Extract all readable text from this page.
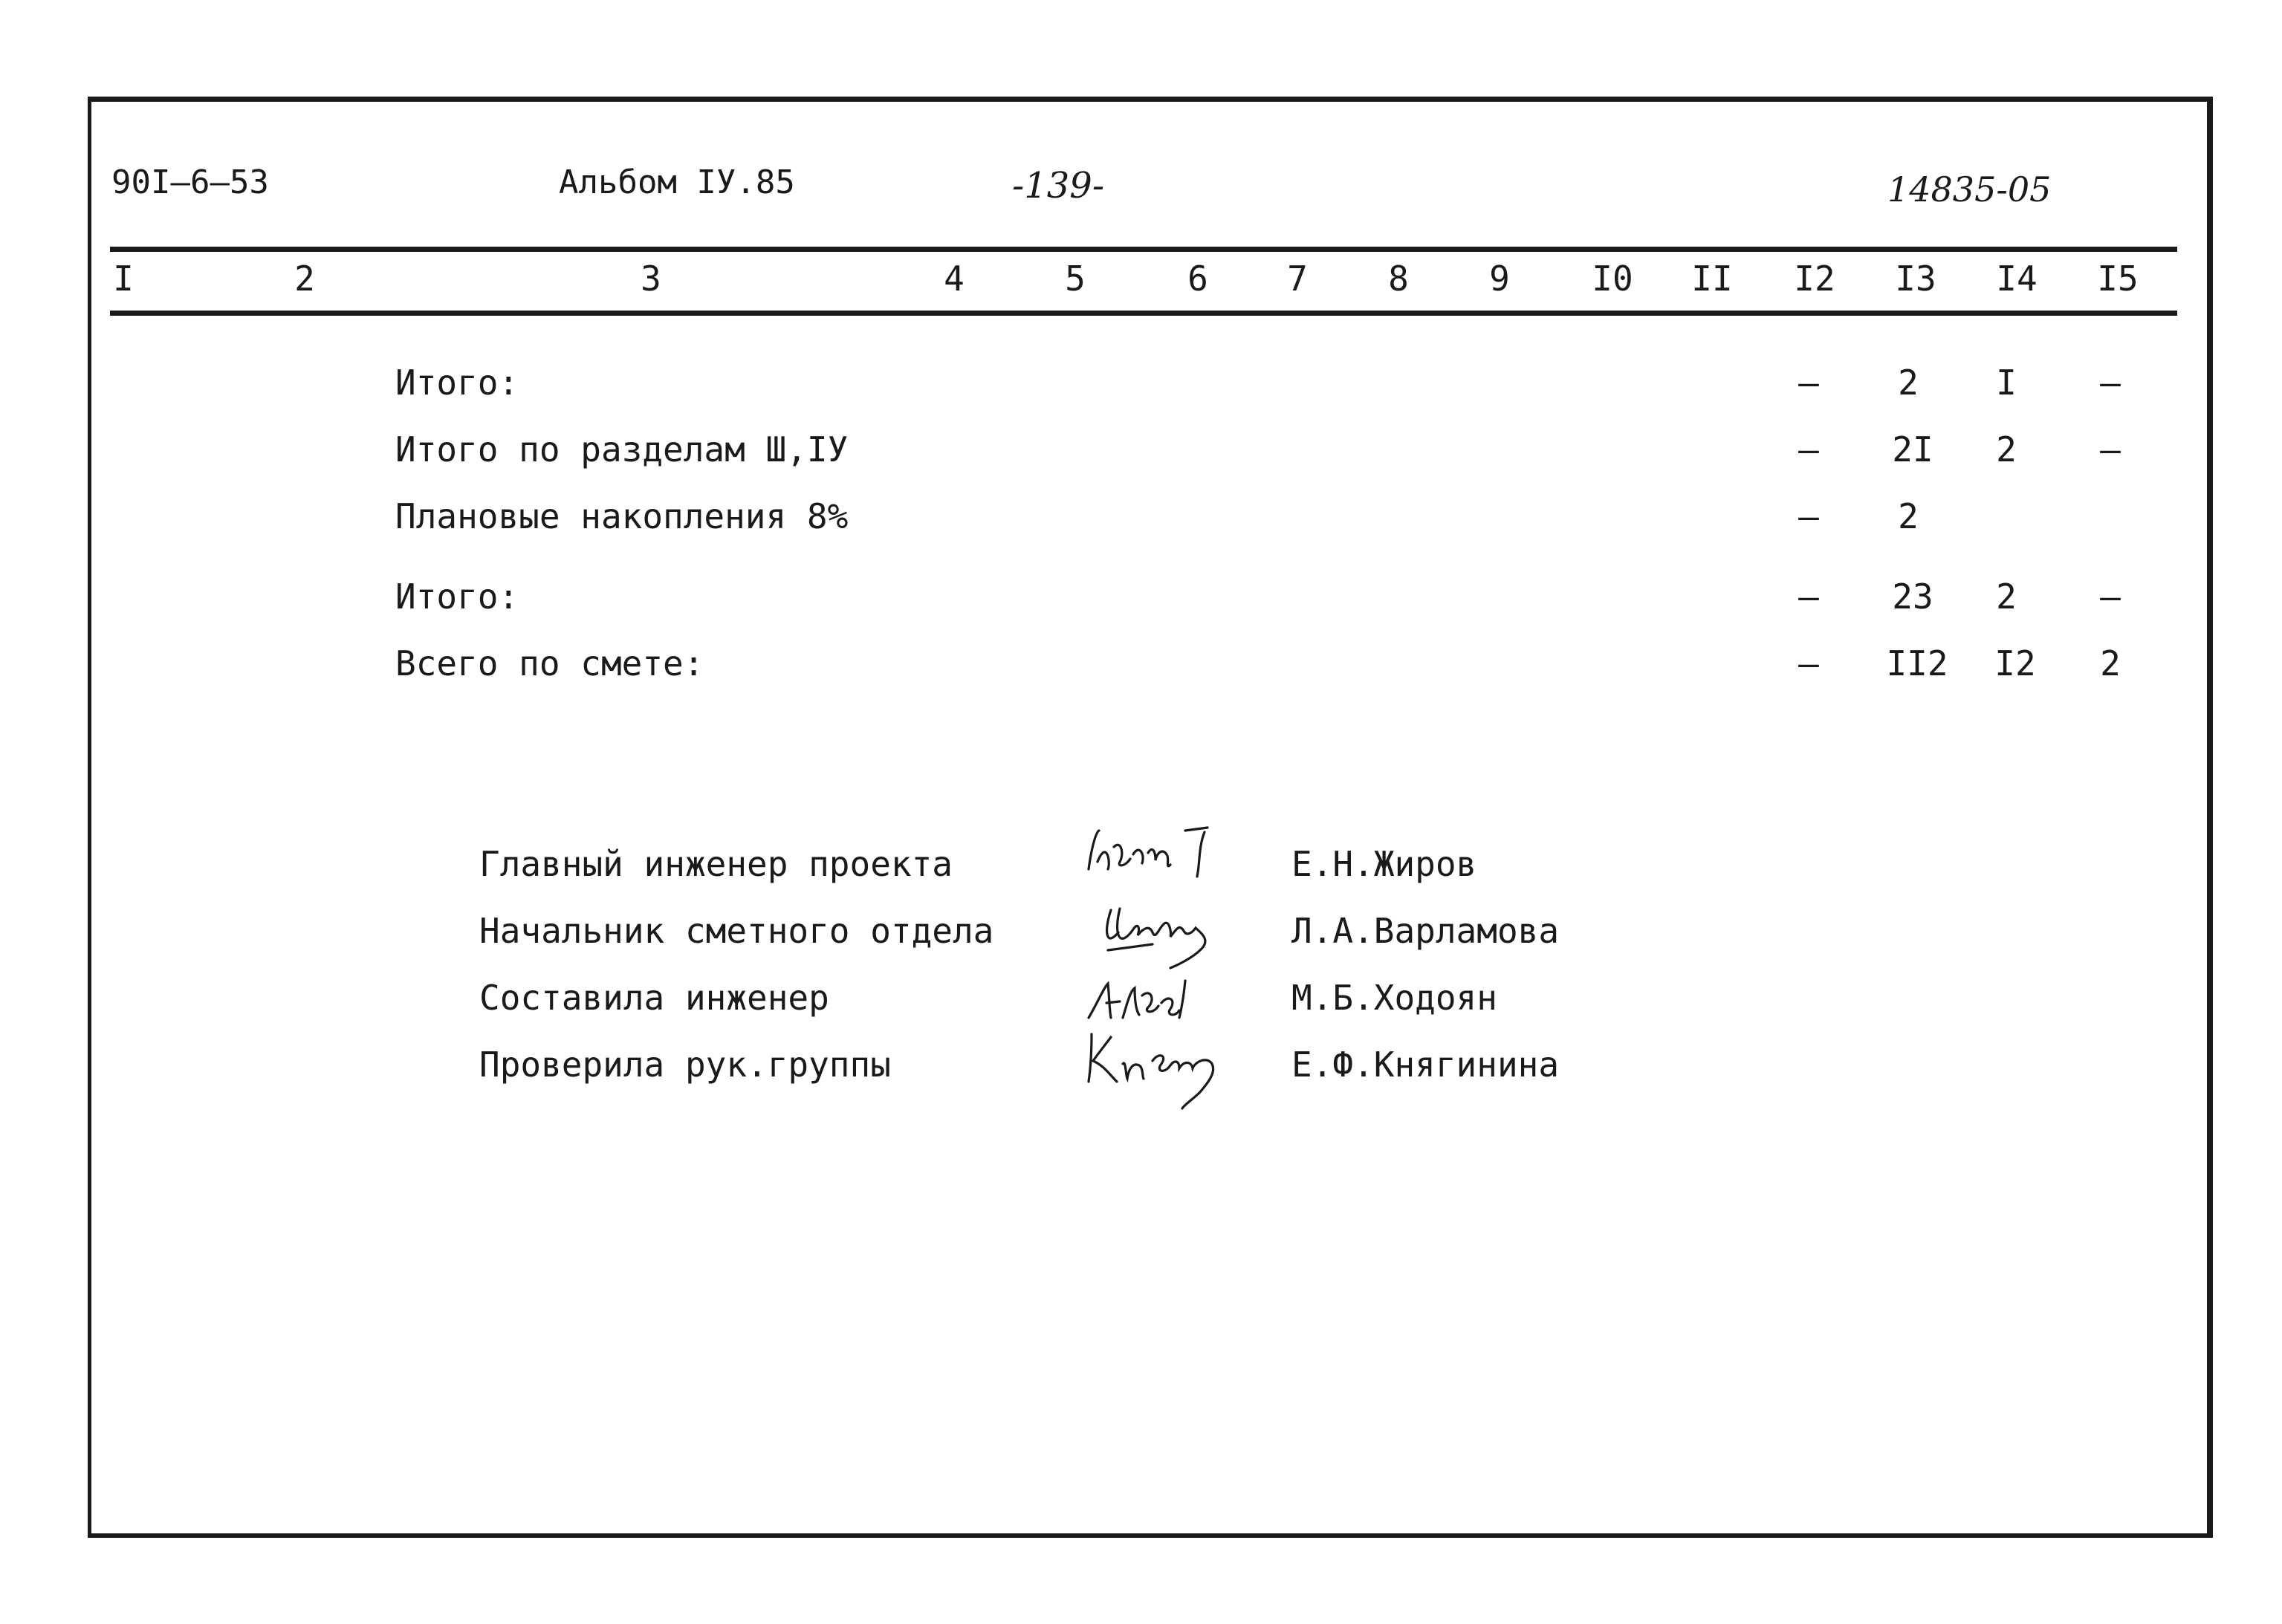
90I–6–53	Альбом IУ.85	-139-	14835-05
I	2	3	4	5	6 7 8 9 I0 II I2 I3 I4 I5
Итого:	– 2 I –
Итого по разделам Ш,IУ	– 2I 2 –
Плановые накопления 8%	– 2
Итого:	– 23 2 –
Всего по смете:	– II2 I2 2
Главный инженер проекта	Е.Н.Жиров
Начальник сметного отдела	Л.А.Варламова
Составила инженер	М.Б.Ходоян
Проверила рук.группы	Е.Ф.Княгинина
